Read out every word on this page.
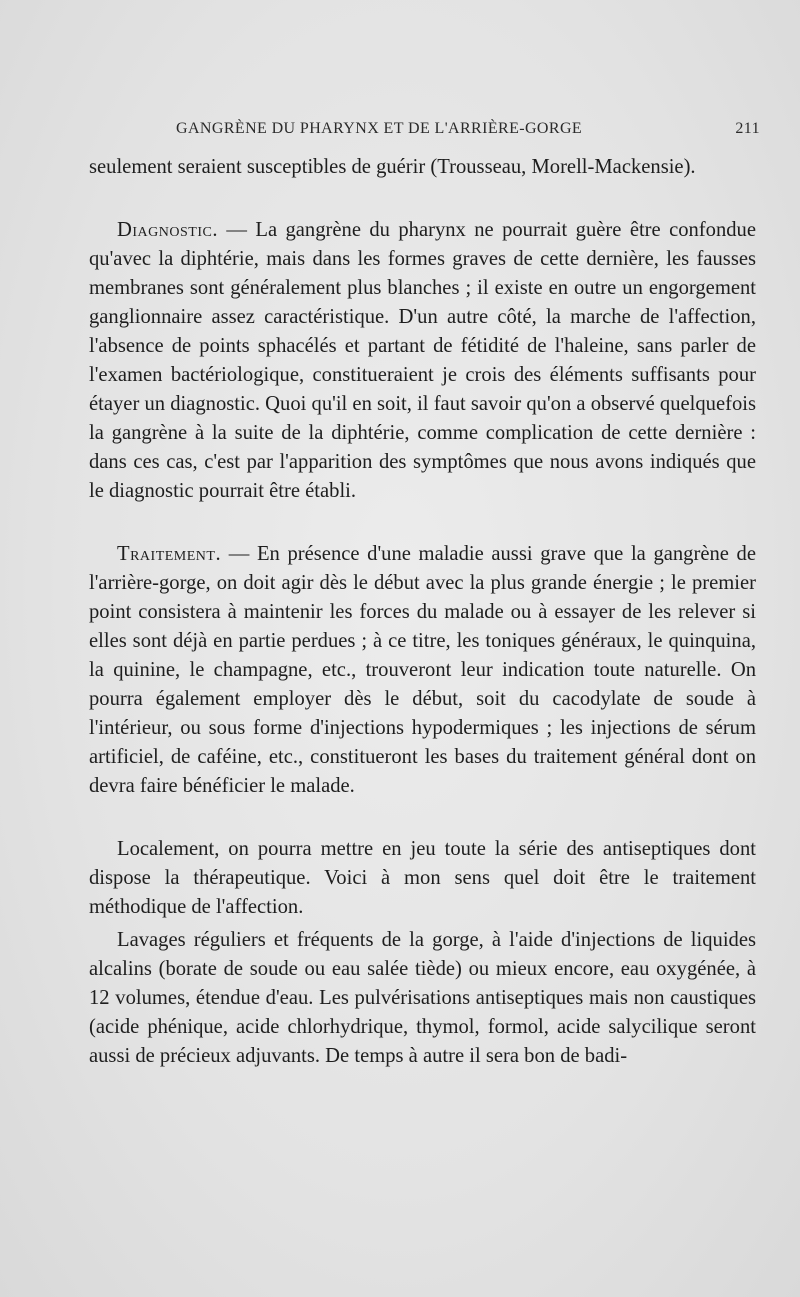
GANGRÈNE DU PHARYNX ET DE L'ARRIÈRE-GORGE	211

seulement seraient susceptibles de guérir (Trousseau, Morell-Mackensie).

Diagnostic. — La gangrène du pharynx ne pourrait guère être confondue qu'avec la diphtérie, mais dans les formes graves de cette dernière, les fausses membranes sont généralement plus blanches ; il existe en outre un engorgement ganglionnaire assez caractéristique. D'un autre côté, la marche de l'affection, l'absence de points sphacélés et partant de fétidité de l'haleine, sans parler de l'examen bactériologique, constitueraient je crois des éléments suffisants pour étayer un diagnostic. Quoi qu'il en soit, il faut savoir qu'on a observé quelquefois la gangrène à la suite de la diphtérie, comme complication de cette dernière : dans ces cas, c'est par l'apparition des symptômes que nous avons indiqués que le diagnostic pourrait être établi.

Traitement. — En présence d'une maladie aussi grave que la gangrène de l'arrière-gorge, on doit agir dès le début avec la plus grande énergie ; le premier point consistera à maintenir les forces du malade ou à essayer de les relever si elles sont déjà en partie perdues ; à ce titre, les toniques généraux, le quinquina, la quinine, le champagne, etc., trouveront leur indication toute naturelle. On pourra également employer dès le début, soit du cacodylate de soude à l'intérieur, ou sous forme d'injections hypodermiques ; les injections de sérum artificiel, de caféine, etc., constitueront les bases du traitement général dont on devra faire bénéficier le malade.

Localement, on pourra mettre en jeu toute la série des antiseptiques dont dispose la thérapeutique. Voici à mon sens quel doit être le traitement méthodique de l'affection.

Lavages réguliers et fréquents de la gorge, à l'aide d'injections de liquides alcalins (borate de soude ou eau salée tiède) ou mieux encore, eau oxygénée, à 12 volumes, étendue d'eau. Les pulvérisations antiseptiques mais non caustiques (acide phénique, acide chlorhydrique, thymol, formol, acide salycilique seront aussi de précieux adjuvants. De temps à autre il sera bon de badi-
